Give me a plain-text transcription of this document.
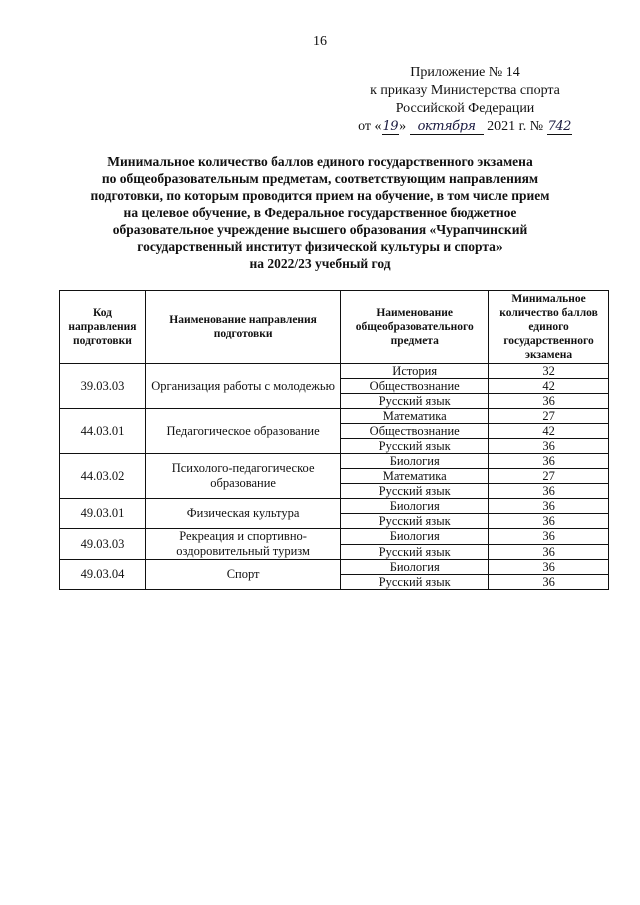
16
Приложение № 14
к приказу Министерства спорта
Российской Федерации
от «19» октября 2021 г. № 742
Минимальное количество баллов единого государственного экзамена
по общеобразовательным предметам, соответствующим направлениям
подготовки, по которым проводится прием на обучение, в том числе прием
на целевое обучение, в Федеральное государственное бюджетное
образовательное учреждение высшего образования «Чурапчинский
государственный институт физической культуры и спорта»
на 2022/23 учебный год
Код направления подготовки	Наименование направления подготовки	Наименование общеобразовательного предмета	Минимальное количество баллов единого государственного экзамена
39.03.03	Организация работы с молодежью	История	32
		Обществознание	42
		Русский язык	36
44.03.01	Педагогическое образование	Математика	27
		Обществознание	42
		Русский язык	36
44.03.02	Психолого-педагогическое образование	Биология	36
		Математика	27
		Русский язык	36
49.03.01	Физическая культура	Биология	36
		Русский язык	36
49.03.03	Рекреация и спортивно-оздоровительный туризм	Биология	36
		Русский язык	36
49.03.04	Спорт	Биология	36
		Русский язык	36
